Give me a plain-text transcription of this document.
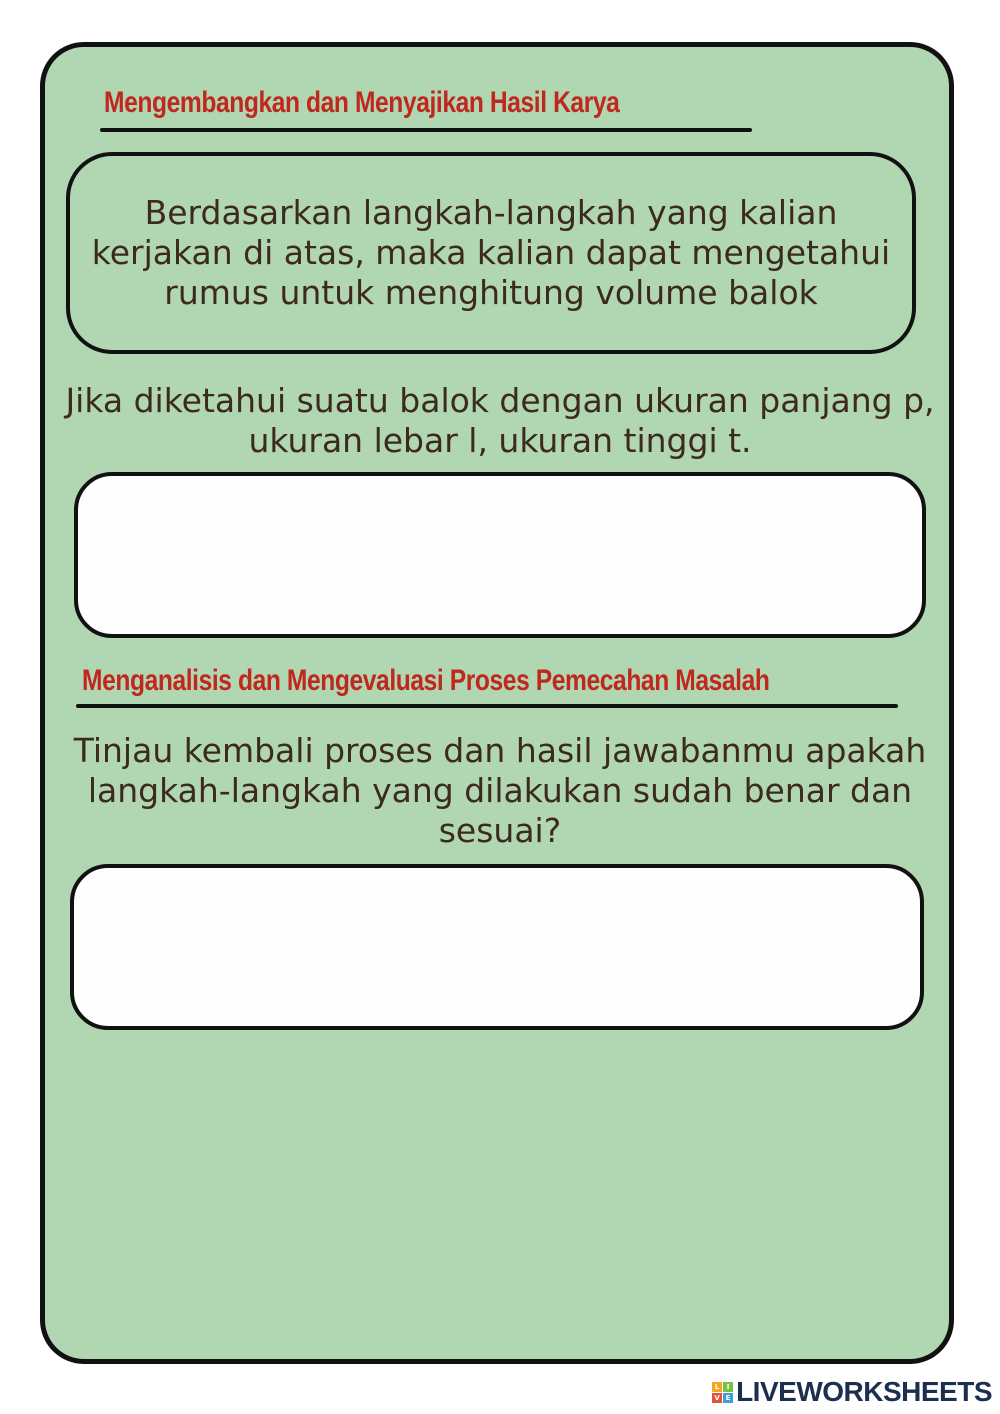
Mengembangkan dan Menyajikan Hasil Karya

Berdasarkan langkah-langkah yang kalian kerjakan di atas, maka kalian dapat mengetahui rumus untuk menghitung volume balok

Jika diketahui suatu balok dengan ukuran panjang p, ukuran lebar l, ukuran tinggi t.

Menganalisis dan Mengevaluasi Proses Pemecahan Masalah

Tinjau kembali proses dan hasil jawabanmu apakah langkah-langkah yang dilakukan sudah benar dan sesuai?

L	I
V E LIVEWORKSHEETS
